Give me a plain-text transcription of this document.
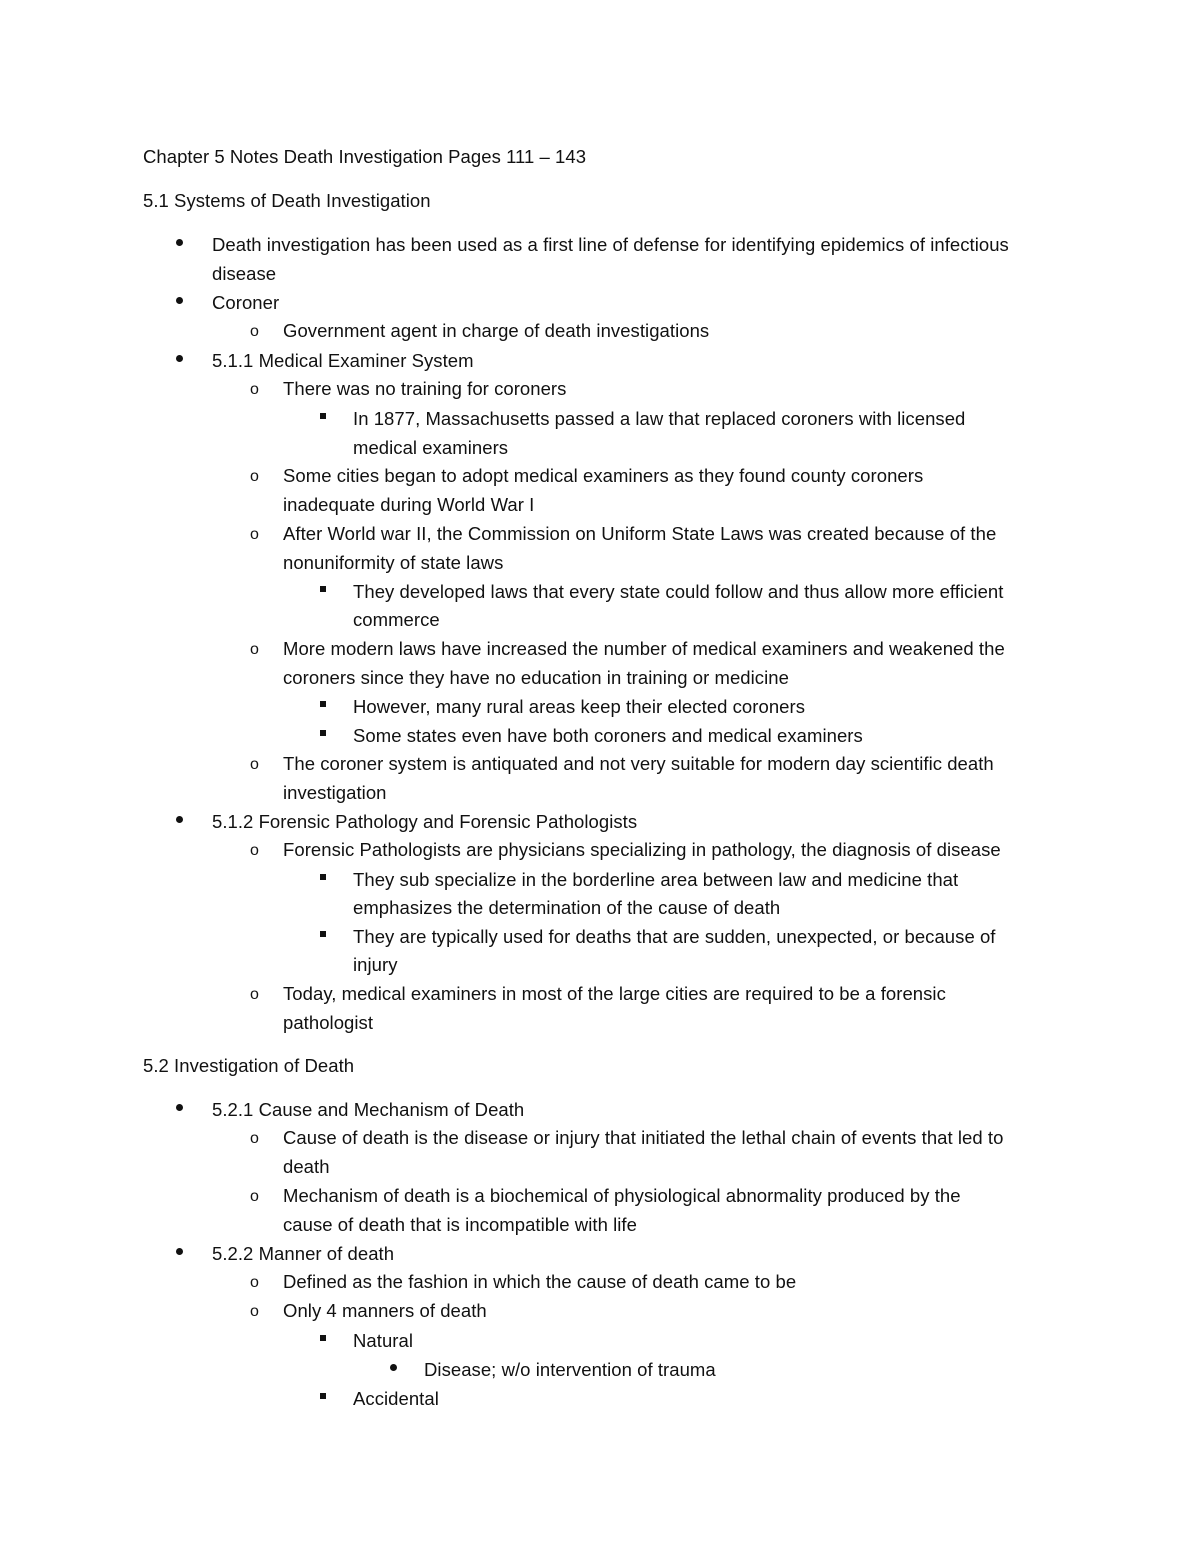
Chapter 5 Notes Death Investigation Pages 111 – 143
5.1 Systems of Death Investigation
Death investigation has been used as a first line of defense for identifying epidemics of infectious
disease
Coroner
o Government agent in charge of death investigations
5.1.1 Medical Examiner System
o There was no training for coroners
In 1877, Massachusetts passed a law that replaced coroners with licensed
medical examiners
o Some cities began to adopt medical examiners as they found county coroners
inadequate during World War I
o After World war II, the Commission on Uniform State Laws was created because of the
nonuniformity of state laws
They developed laws that every state could follow and thus allow more efficient
commerce
o More modern laws have increased the number of medical examiners and weakened the
coroners since they have no education in training or medicine
However, many rural areas keep their elected coroners
Some states even have both coroners and medical examiners
o The coroner system is antiquated and not very suitable for modern day scientific death
investigation
5.1.2 Forensic Pathology and Forensic Pathologists
o Forensic Pathologists are physicians specializing in pathology, the diagnosis of disease
They sub specialize in the borderline area between law and medicine that
emphasizes the determination of the cause of death
They are typically used for deaths that are sudden, unexpected, or because of
injury
o Today, medical examiners in most of the large cities are required to be a forensic
pathologist
5.2 Investigation of Death
5.2.1 Cause and Mechanism of Death
o Cause of death is the disease or injury that initiated the lethal chain of events that led to
death
o Mechanism of death is a biochemical of physiological abnormality produced by the
cause of death that is incompatible with life
5.2.2 Manner of death
o Defined as the fashion in which the cause of death came to be
o Only 4 manners of death
Natural
Disease; w/o intervention of trauma
Accidental
